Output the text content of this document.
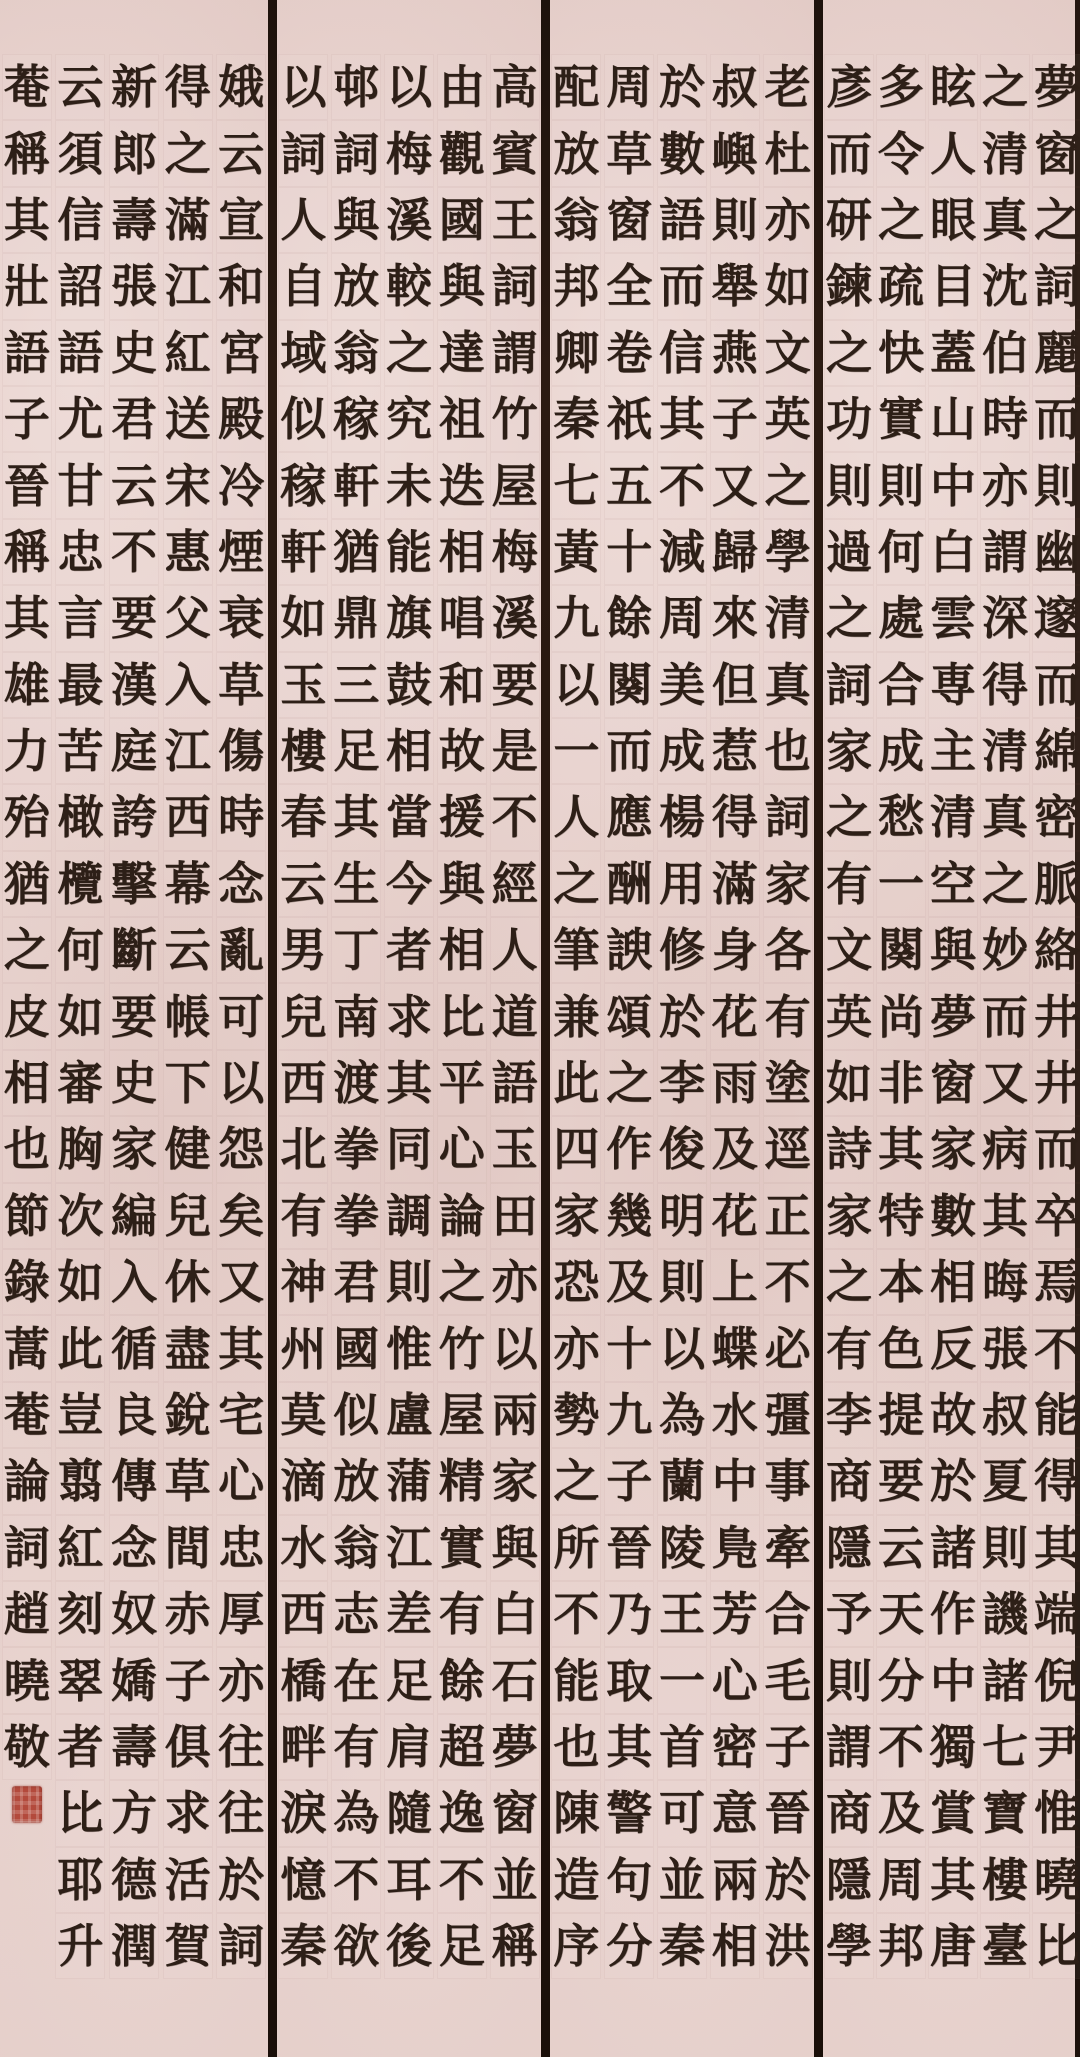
娥
云
宣
和
宮
殿
冷
煙
衰
草
傷
時
念
亂
可
以
怨
矣
又
其
宅
心
忠
厚
亦
往
往
於
詞
得
之
滿
江
紅
送
宋
惠
父
入
江
西
幕
云
帳
下
健
兒
休
盡
銳
草
間
赤
子
俱
求
活
賀
新
郎
壽
張
史
君
云
不
要
漢
庭
誇
擊
斷
要
史
家
編
入
循
良
傳
念
奴
嬌
壽
方
德
潤
云
須
信
詔
語
尤
甘
忠
言
最
苦
橄
欖
何
如
審
胸
次
如
此
豈
翦
紅
刻
翠
者
比
耶
升
菴
稱
其
壯
語
子
晉
稱
其
雄
力
殆
猶
之
皮
相
也
節
錄
蒿
菴
論
詞
趙
曉
敬
高
賓
王
詞
謂
竹
屋
梅
溪
要
是
不
經
人
道
語
玉
田
亦
以
兩
家
與
白
石
夢
窗
並
稱
由
觀
國
與
達
祖
迭
相
唱
和
故
援
與
相
比
平
心
論
之
竹
屋
精
實
有
餘
超
逸
不
足
以
梅
溪
較
之
究
未
能
旗
鼓
相
當
今
者
求
其
同
調
則
惟
盧
蒲
江
差
足
肩
隨
耳
後
邨
詞
與
放
翁
稼
軒
猶
鼎
三
足
其
生
丁
南
渡
拳
拳
君
國
似
放
翁
志
在
有
為
不
欲
以
詞
人
自
域
似
稼
軒
如
玉
樓
春
云
男
兒
西
北
有
神
州
莫
滴
水
西
橋
畔
淚
憶
秦
老
杜
亦
如
文
英
之
學
清
真
也
詞
家
各
有
塗
逕
正
不
必
彊
事
牽
合
毛
子
晉
於
洪
叔
嶼
則
舉
燕
子
又
歸
來
但
惹
得
滿
身
花
雨
及
花
上
蝶
水
中
鳬
芳
心
密
意
兩
相
於
數
語
而
信
其
不
減
周
美
成
楊
用
修
於
李
俊
明
則
以
為
蘭
陵
王
一
首
可
並
秦
周
草
窗
全
卷
祇
五
十
餘
闋
而
應
酬
諛
頌
之
作
幾
及
十
九
子
晉
乃
取
其
警
句
分
配
放
翁
邦
卿
秦
七
黃
九
以
一
人
之
筆
兼
此
四
家
恐
亦
勢
之
所
不
能
也
陳
造
序
夢
窗
之
詞
麗
而
則
幽
邃
而
綿
密
脈
絡
井
井
而
卒
焉
不
能
得
其
端
倪
尹
惟
曉
比
之
清
真
沈
伯
時
亦
謂
深
得
清
真
之
妙
而
又
病
其
晦
張
叔
夏
則
譏
諸
七
寶
樓
臺
眩
人
眼
目
蓋
山
中
白
雲
専
主
清
空
與
夢
窗
家
數
相
反
故
於
諸
作
中
獨
賞
其
唐
多
令
之
疏
快
實
則
何
處
合
成
愁
一
闋
尚
非
其
特
本
色
提
要
云
天
分
不
及
周
邦
彥
而
研
鍊
之
功
則
過
之
詞
家
之
有
文
英
如
詩
家
之
有
李
商
隱
予
則
謂
商
隱
學
